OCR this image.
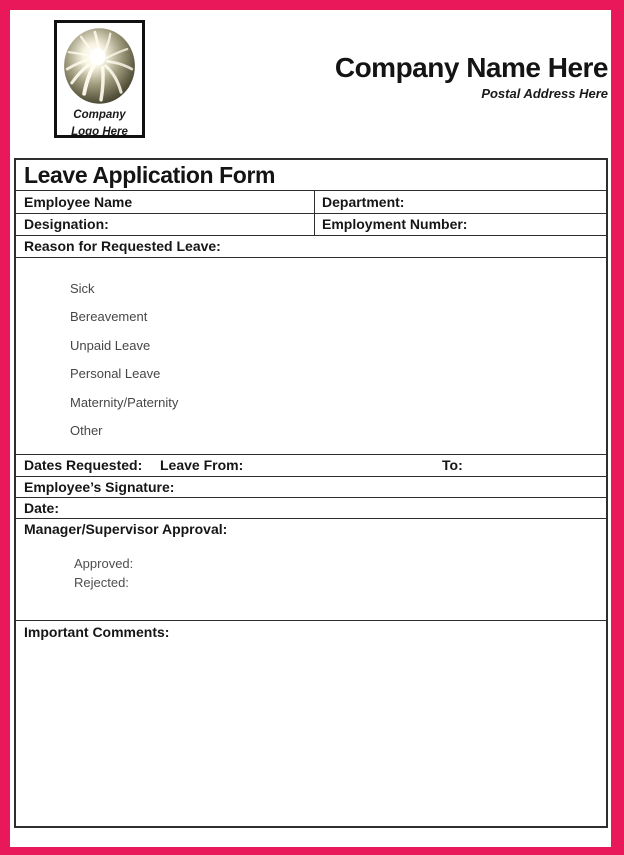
Company
Logo Here
Company Name Here
Postal Address Here
Leave Application Form
Employee Name	Department:
Designation:	Employment Number:
Reason for Requested Leave:
Sick
Bereavement
Unpaid Leave
Personal Leave
Maternity/Paternity
Other
Dates Requested: Leave From:	To:
Employee’s Signature:
Date:
Manager/Supervisor Approval:
Approved:
Rejected:
Important Comments:
